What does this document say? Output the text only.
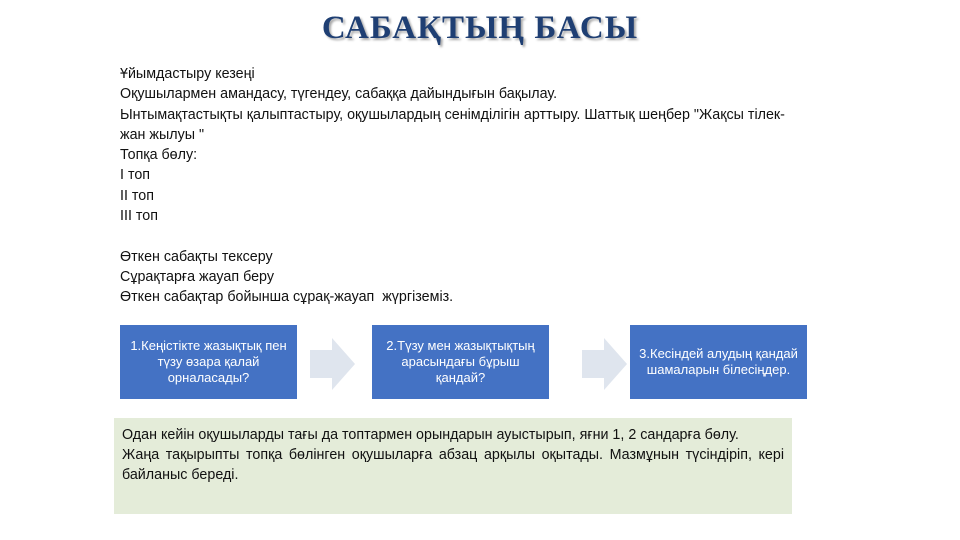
САБАҚТЫҢ БАСЫ
Ұйымдастыру кезеңі
Оқушылармен амандасу, түгендеу, сабаққа дайындығын бақылау.
Ынтымақтастықты қалыптастыру, оқушылардың сенімділігін арттыру. Шаттық шеңбер "Жақсы тілек-
жан жылуы "
Топқа бөлу:
I топ
II топ
III топ
Өткен сабақты тексеру
Сұрақтарға жауап беру
Өткен сабақтар бойынша сұрақ-жауап  жүргіземіз.
1.Кеңістікте жазықтық пен түзу өзара қалай орналасады?
2.Түзу мен жазықтықтың арасындағы бұрыш қандай?
3.Кесіндей алудың қандай шамаларын білесіңдер.

Одан кейін оқушыларды тағы да топтармен орындарын ауыстырып, яғни 1, 2 сандарға бөлу.

Жаңа тақырыпты топқа бөлінген оқушыларға абзац арқылы оқытады. Мазмұнын түсіндіріп, кері байланыс береді.
